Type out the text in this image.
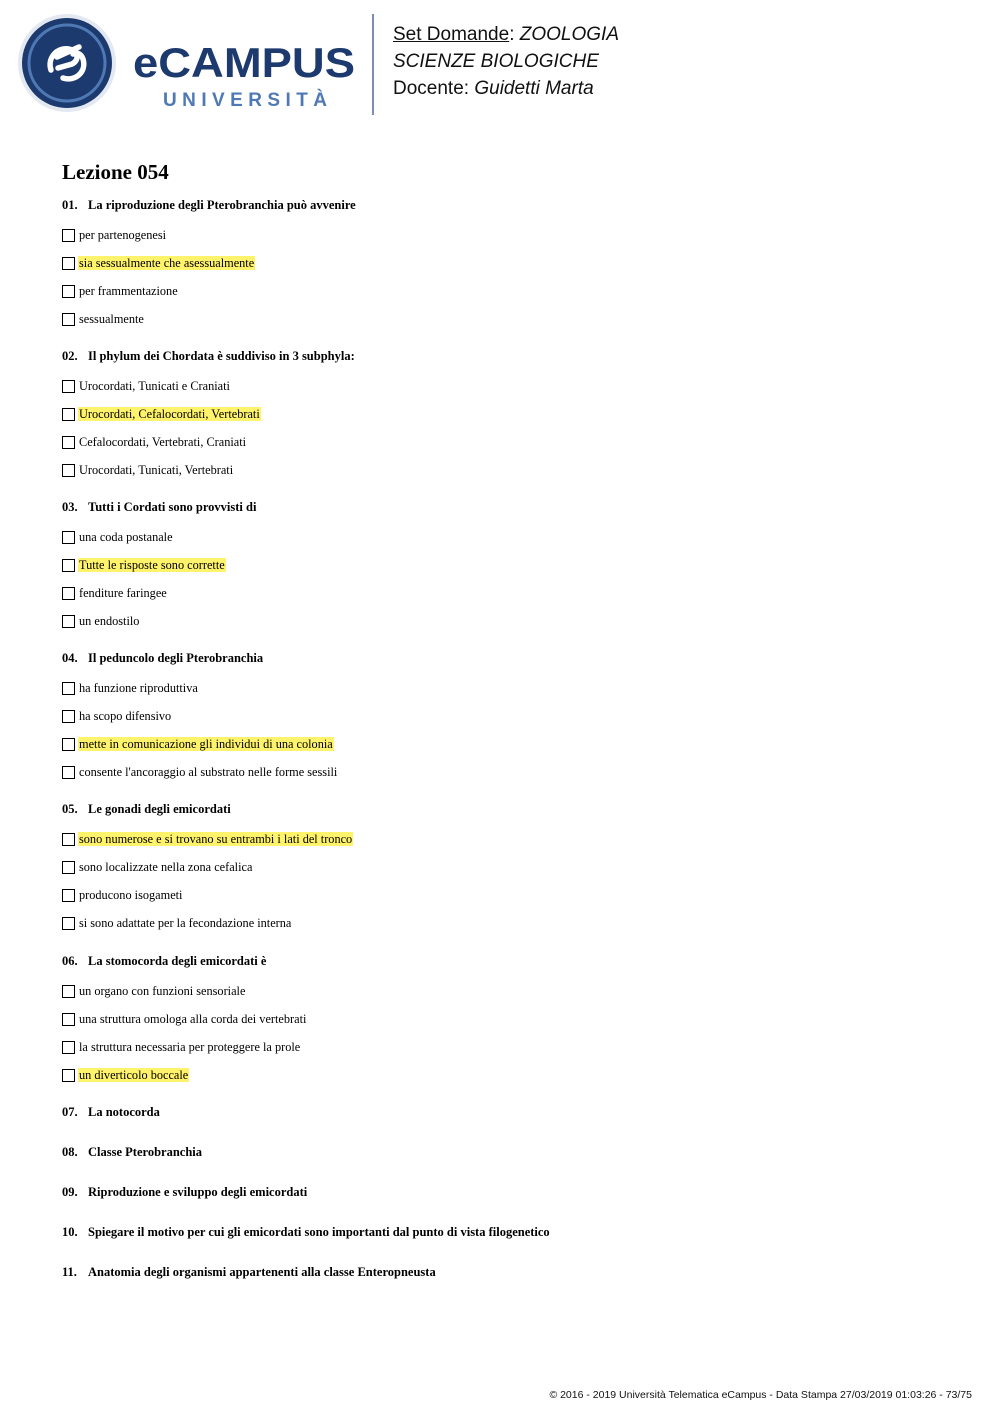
eCAMPUS
UNIVERSITÀ
Set Domande: ZOOLOGIA
SCIENZE BIOLOGICHE
Docente: Guidetti Marta
Lezione 054
01. La riproduzione degli Pterobranchia può avvenire
per partenogenesi
sia sessualmente che asessualmente
per frammentazione
sessualmente
02. Il phylum dei Chordata è suddiviso in 3 subphyla:
Urocordati, Tunicati e Craniati
Urocordati, Cefalocordati, Vertebrati
Cefalocordati, Vertebrati, Craniati
Urocordati, Tunicati, Vertebrati
03. Tutti i Cordati sono provvisti di
una coda postanale
Tutte le risposte sono corrette
fenditure faringee
un endostilo
04. Il peduncolo degli Pterobranchia
ha funzione riproduttiva
ha scopo difensivo
mette in comunicazione gli individui di una colonia
consente l'ancoraggio al substrato nelle forme sessili
05. Le gonadi degli emicordati
sono numerose e si trovano su entrambi i lati del tronco
sono localizzate nella zona cefalica
producono isogameti
si sono adattate per la fecondazione interna
06. La stomocorda degli emicordati è
un organo con funzioni sensoriale
una struttura omologa alla corda dei vertebrati
la struttura necessaria per proteggere la prole
un diverticolo boccale
07. La notocorda
08. Classe Pterobranchia
09. Riproduzione e sviluppo degli emicordati
10. Spiegare il motivo per cui gli emicordati sono importanti dal punto di vista filogenetico
11. Anatomia degli organismi appartenenti alla classe Enteropneusta
© 2016 - 2019 Università Telematica eCampus - Data Stampa 27/03/2019 01:03:26 - 73/75
